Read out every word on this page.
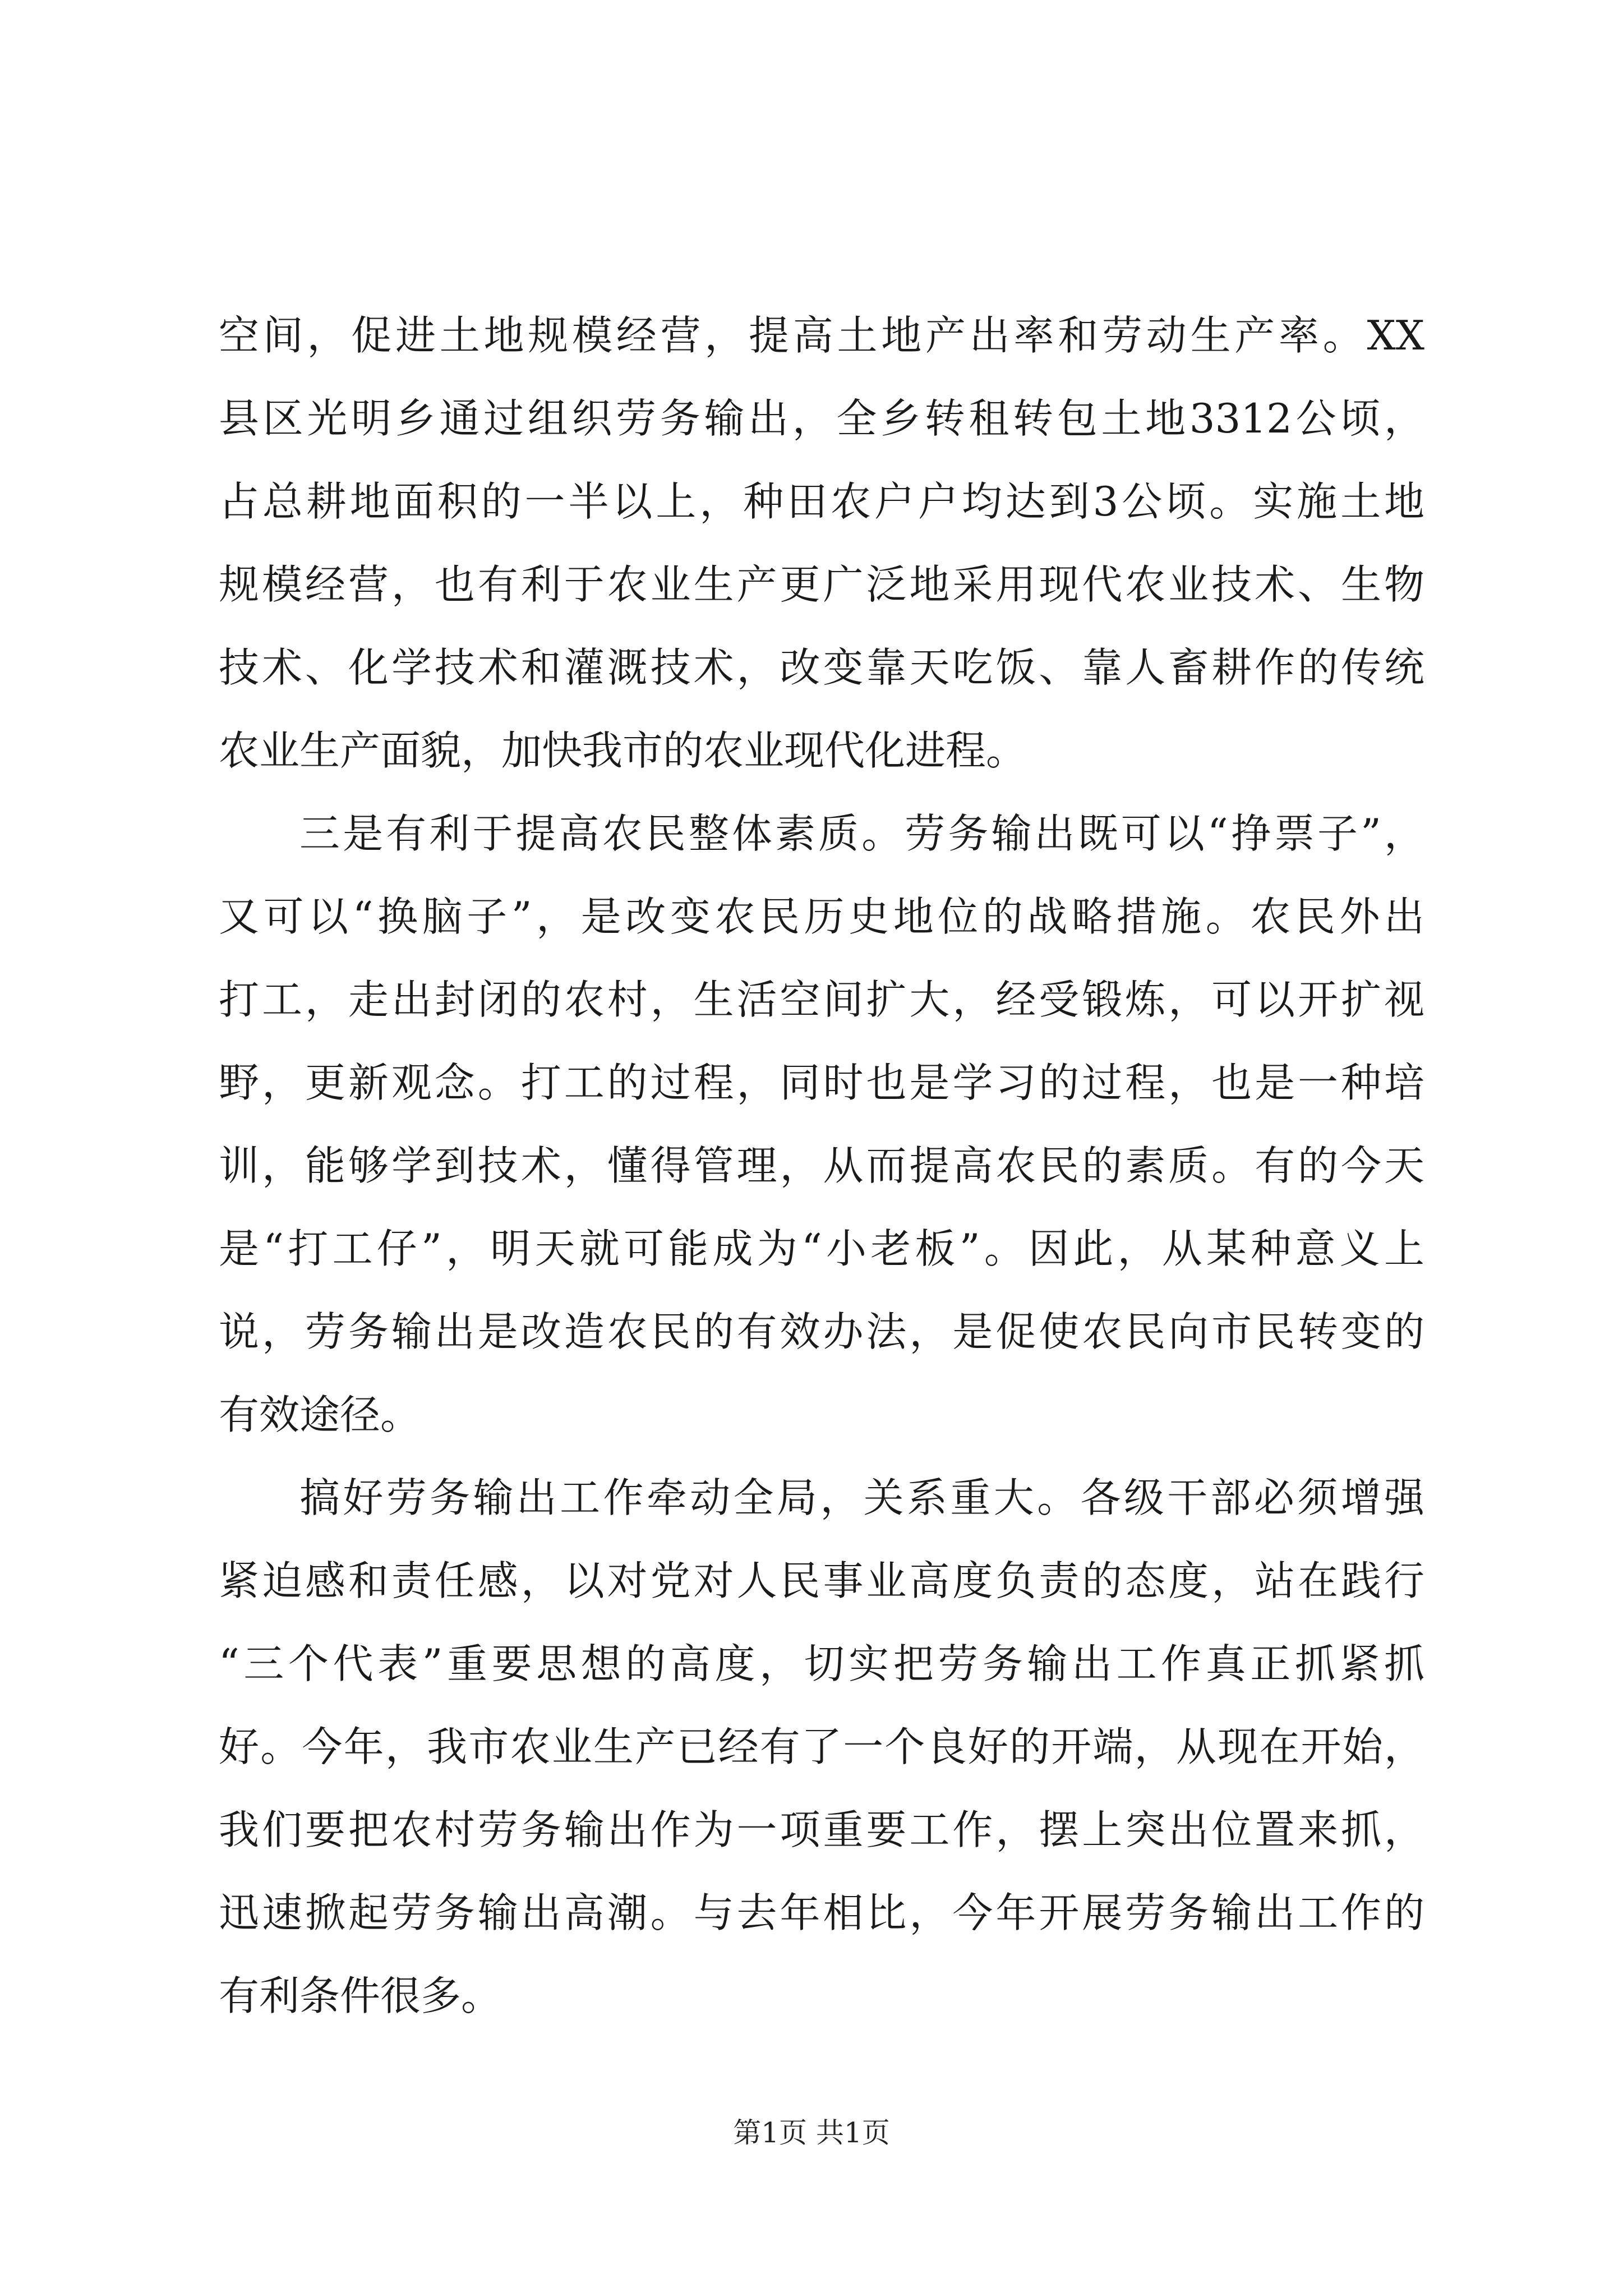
空间，促进土地规模经营，提高土地产出率和劳动生产率。XX
县区光明乡通过组织劳务输出，全乡转租转包土地3312公顷，
占总耕地面积的一半以上，种田农户户均达到3公顷。实施土地
规模经营，也有利于农业生产更广泛地采用现代农业技术、生物
技术、化学技术和灌溉技术，改变靠天吃饭、靠人畜耕作的传统
农业生产面貌，加快我市的农业现代化进程。
三是有利于提高农民整体素质。劳务输出既可以“挣票子”，
又可以“换脑子”，是改变农民历史地位的战略措施。农民外出
打工，走出封闭的农村，生活空间扩大，经受锻炼，可以开扩视
野，更新观念。打工的过程，同时也是学习的过程，也是一种培
训，能够学到技术，懂得管理，从而提高农民的素质。有的今天
是“打工仔”，明天就可能成为“小老板”。因此，从某种意义上
说，劳务输出是改造农民的有效办法，是促使农民向市民转变的
有效途径。
搞好劳务输出工作牵动全局，关系重大。各级干部必须增强
紧迫感和责任感，以对党对人民事业高度负责的态度，站在践行
“三个代表”重要思想的高度，切实把劳务输出工作真正抓紧抓
好。今年，我市农业生产已经有了一个良好的开端，从现在开始，
我们要把农村劳务输出作为一项重要工作，摆上突出位置来抓，
迅速掀起劳务输出高潮。与去年相比，今年开展劳务输出工作的
有利条件很多。
第1页 共1页
